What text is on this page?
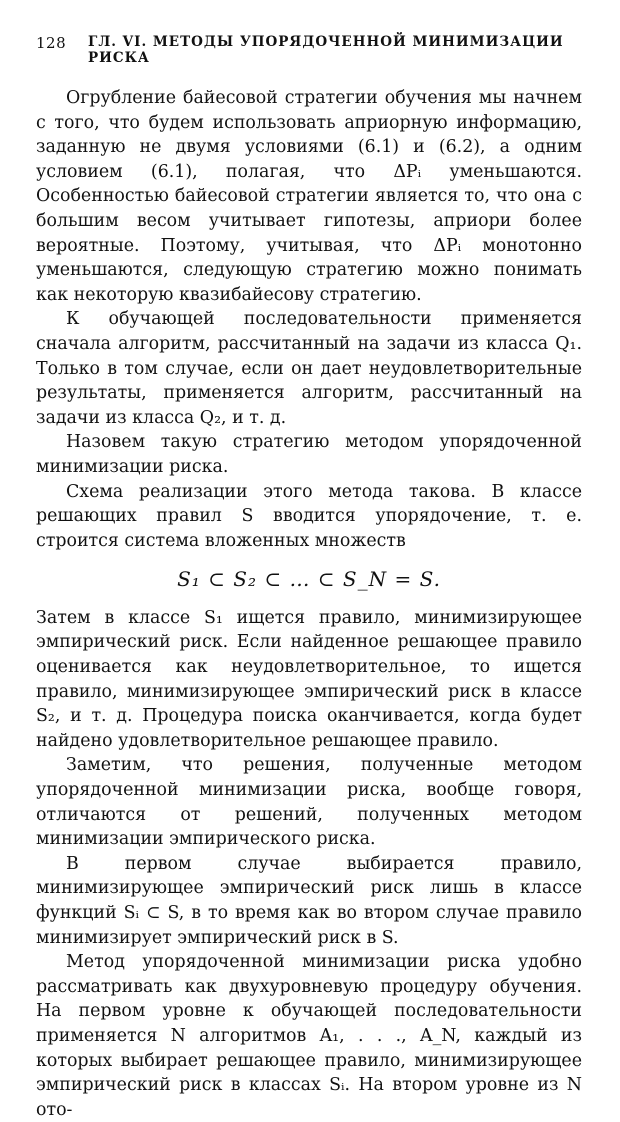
128 ГЛ. VI. МЕТОДЫ УПОРЯДОЧЕННОЙ МИНИМИЗАЦИИ РИСКА

Огрубление байесовой стратегии обучения мы начнем с того, что будем использовать априорную информацию, заданную не двумя условиями (6.1) и (6.2), а одним условием (6.1), полагая, что ΔPᵢ уменьшаются. Особенностью байесовой стратегии является то, что она с большим весом учитывает гипотезы, априори более вероятные. Поэтому, учитывая, что ΔPᵢ монотонно уменьшаются, следующую стратегию можно понимать как некоторую квазибайесову стратегию.

К обучающей последовательности применяется сначала алгоритм, рассчитанный на задачи из класса Q₁. Только в том случае, если он дает неудовлетворительные результаты, применяется алгоритм, рассчитанный на задачи из класса Q₂, и т. д.

Назовем такую стратегию методом упорядоченной минимизации риска.

Схема реализации этого метода такова. В классе решающих правил S вводится упорядочение, т. е. строится система вложенных множеств

S₁ ⊂ S₂ ⊂ … ⊂ S_N = S.

Затем в классе S₁ ищется правило, минимизирующее эмпирический риск. Если найденное решающее правило оценивается как неудовлетворительное, то ищется правило, минимизирующее эмпирический риск в классе S₂, и т. д. Процедура поиска оканчивается, когда будет найдено удовлетворительное решающее правило.

Заметим, что решения, полученные методом упорядоченной минимизации риска, вообще говоря, отличаются от решений, полученных методом минимизации эмпирического риска.

В первом случае выбирается правило, минимизирующее эмпирический риск лишь в классе функций Sᵢ ⊂ S, в то время как во втором случае правило минимизирует эмпирический риск в S.

Метод упорядоченной минимизации риска удобно рассматривать как двухуровневую процедуру обучения. На первом уровне к обучающей последовательности применяется N алгоритмов A₁, . . ., A_N, каждый из которых выбирает решающее правило, минимизирующее эмпирический риск в классах Sᵢ. На втором уровне из N ото-
